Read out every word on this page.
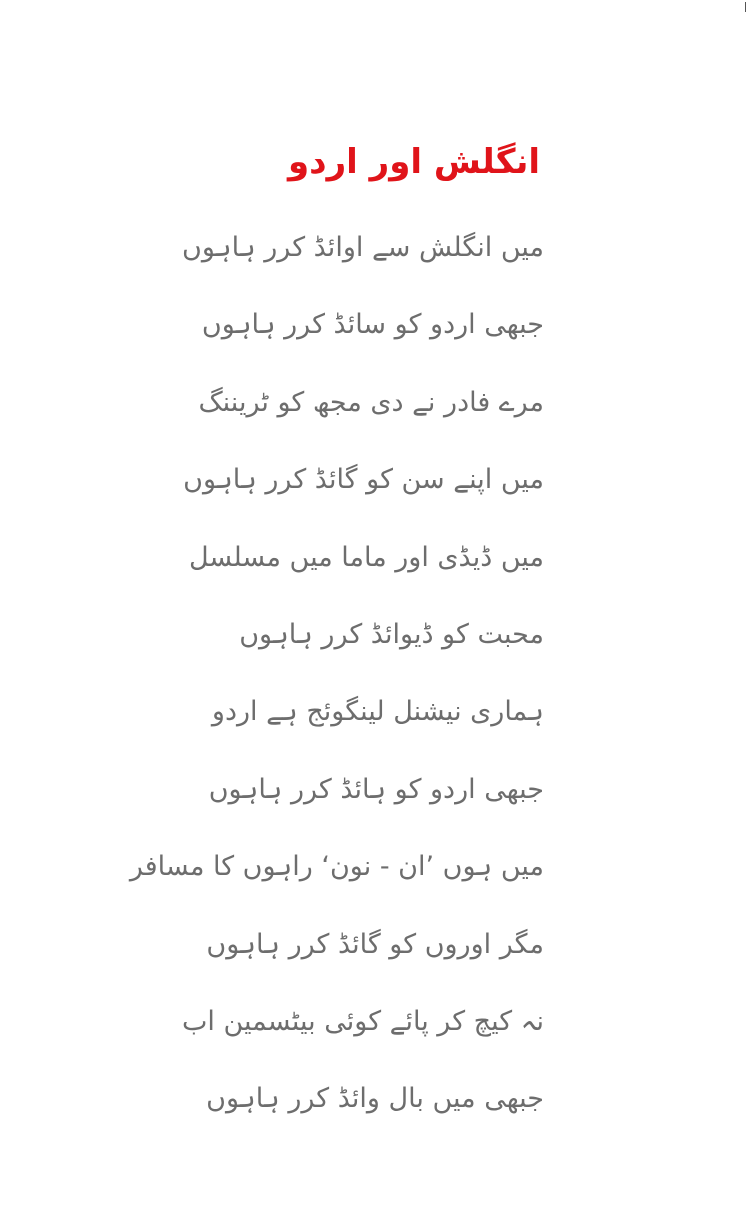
انگلش اور اردو
میں انگلش سے اوائڈ کرر ہاہوں
جبھی اردو کو سائڈ کرر ہاہوں
مرے فادر نے دی مجھ کو ٹریننگ
میں اپنے سن کو گائڈ کرر ہاہوں
میں ڈیڈی اور ماما میں مسلسل
محبت کو ڈیوائڈ کرر ہاہوں
ہماری نیشنل لینگوئج ہے اردو
جبھی اردو کو ہائڈ کرر ہاہوں
میں ہوں ’ان - نون‘ راہوں کا مسافر
مگر اوروں کو گائڈ کرر ہاہوں
نہ کیچ کر پائے کوئی بیٹسمین اب
جبھی میں بال وائڈ کرر ہاہوں
